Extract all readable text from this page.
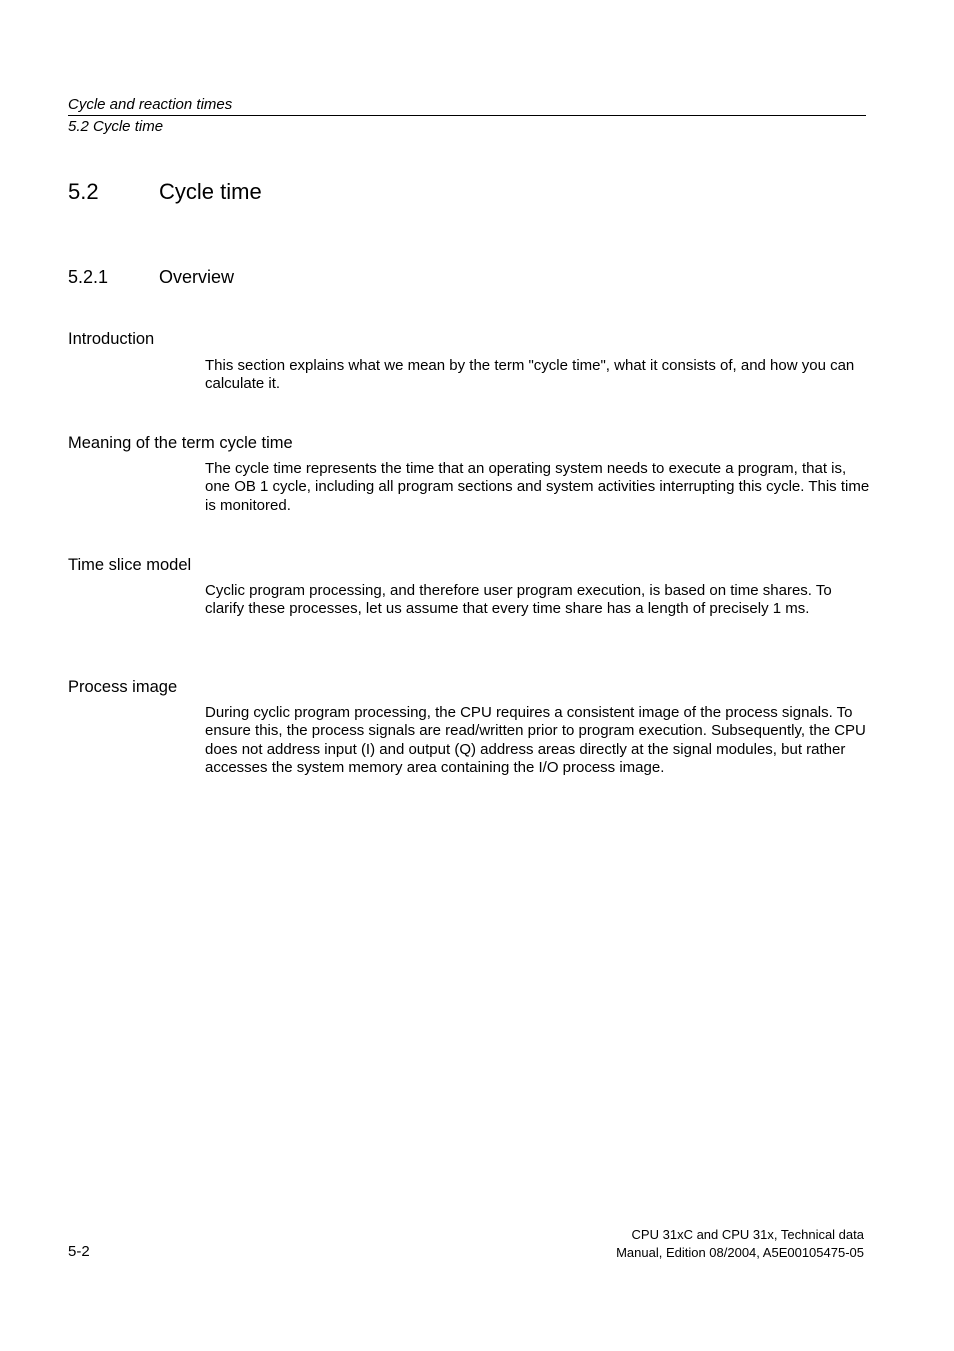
Cycle and reaction times
5.2 Cycle time
5.2	Cycle time
5.2.1	Overview
Introduction
This section explains what we mean by the term "cycle time", what it consists of, and how you can calculate it.
Meaning of the term cycle time
The cycle time represents the time that an operating system needs to execute a program, that is, one OB 1 cycle, including all program sections and system activities interrupting this cycle. This time is monitored.
Time slice model
Cyclic program processing, and therefore user program execution, is based on time shares. To clarify these processes, let us assume that every time share has a length of precisely 1 ms.
Process image
During cyclic program processing, the CPU requires a consistent image of the process signals. To ensure this, the process signals are read/written prior to program execution. Subsequently, the CPU does not address input (I) and output (Q) address areas directly at the signal modules, but rather accesses the system memory area containing the I/O process image.
5-2
CPU 31xC and CPU 31x, Technical data
Manual, Edition 08/2004, A5E00105475-05
